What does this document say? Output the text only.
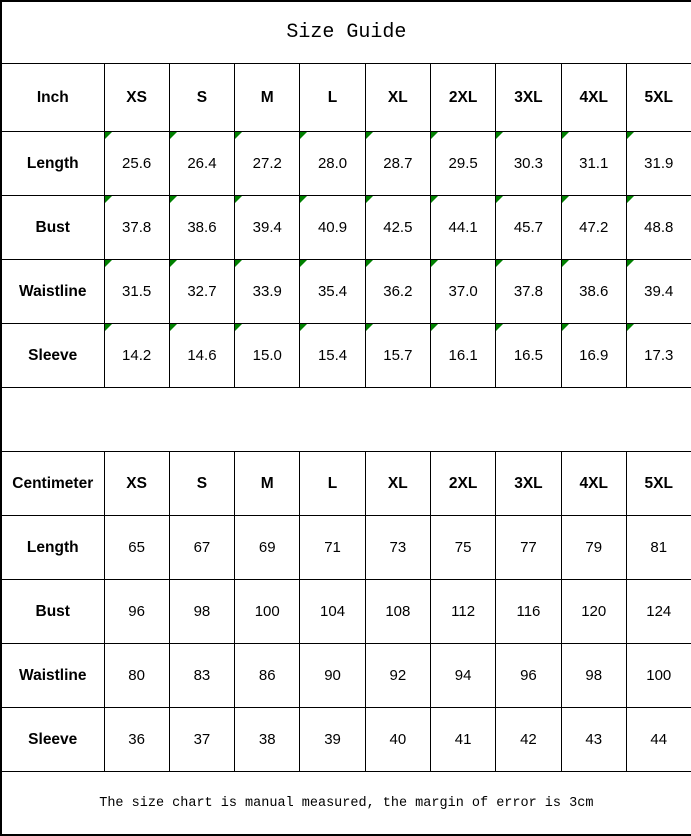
Size Guide									
Inch	XS	S	M	L	XL	2XL	3XL	4XL	5XL
Length	25.6	26.4	27.2	28.0	28.7	29.5	30.3	31.1	31.9
Bust	37.8	38.6	39.4	40.9	42.5	44.1	45.7	47.2	48.8
Waistline	31.5	32.7	33.9	35.4	36.2	37.0	37.8	38.6	39.4
Sleeve	14.2	14.6	15.0	15.4	15.7	16.1	16.5	16.9	17.3

Centimeter	XS	S	M	L	XL	2XL	3XL	4XL	5XL
Length	65	67	69	71	73	75	77	79	81
Bust	96	98	100	104	108	112	116	120	124
Waistline	80	83	86	90	92	94	96	98	100
Sleeve	36	37	38	39	40	41	42	43	44
The size chart is manual measured, the margin of error is 3cm									
